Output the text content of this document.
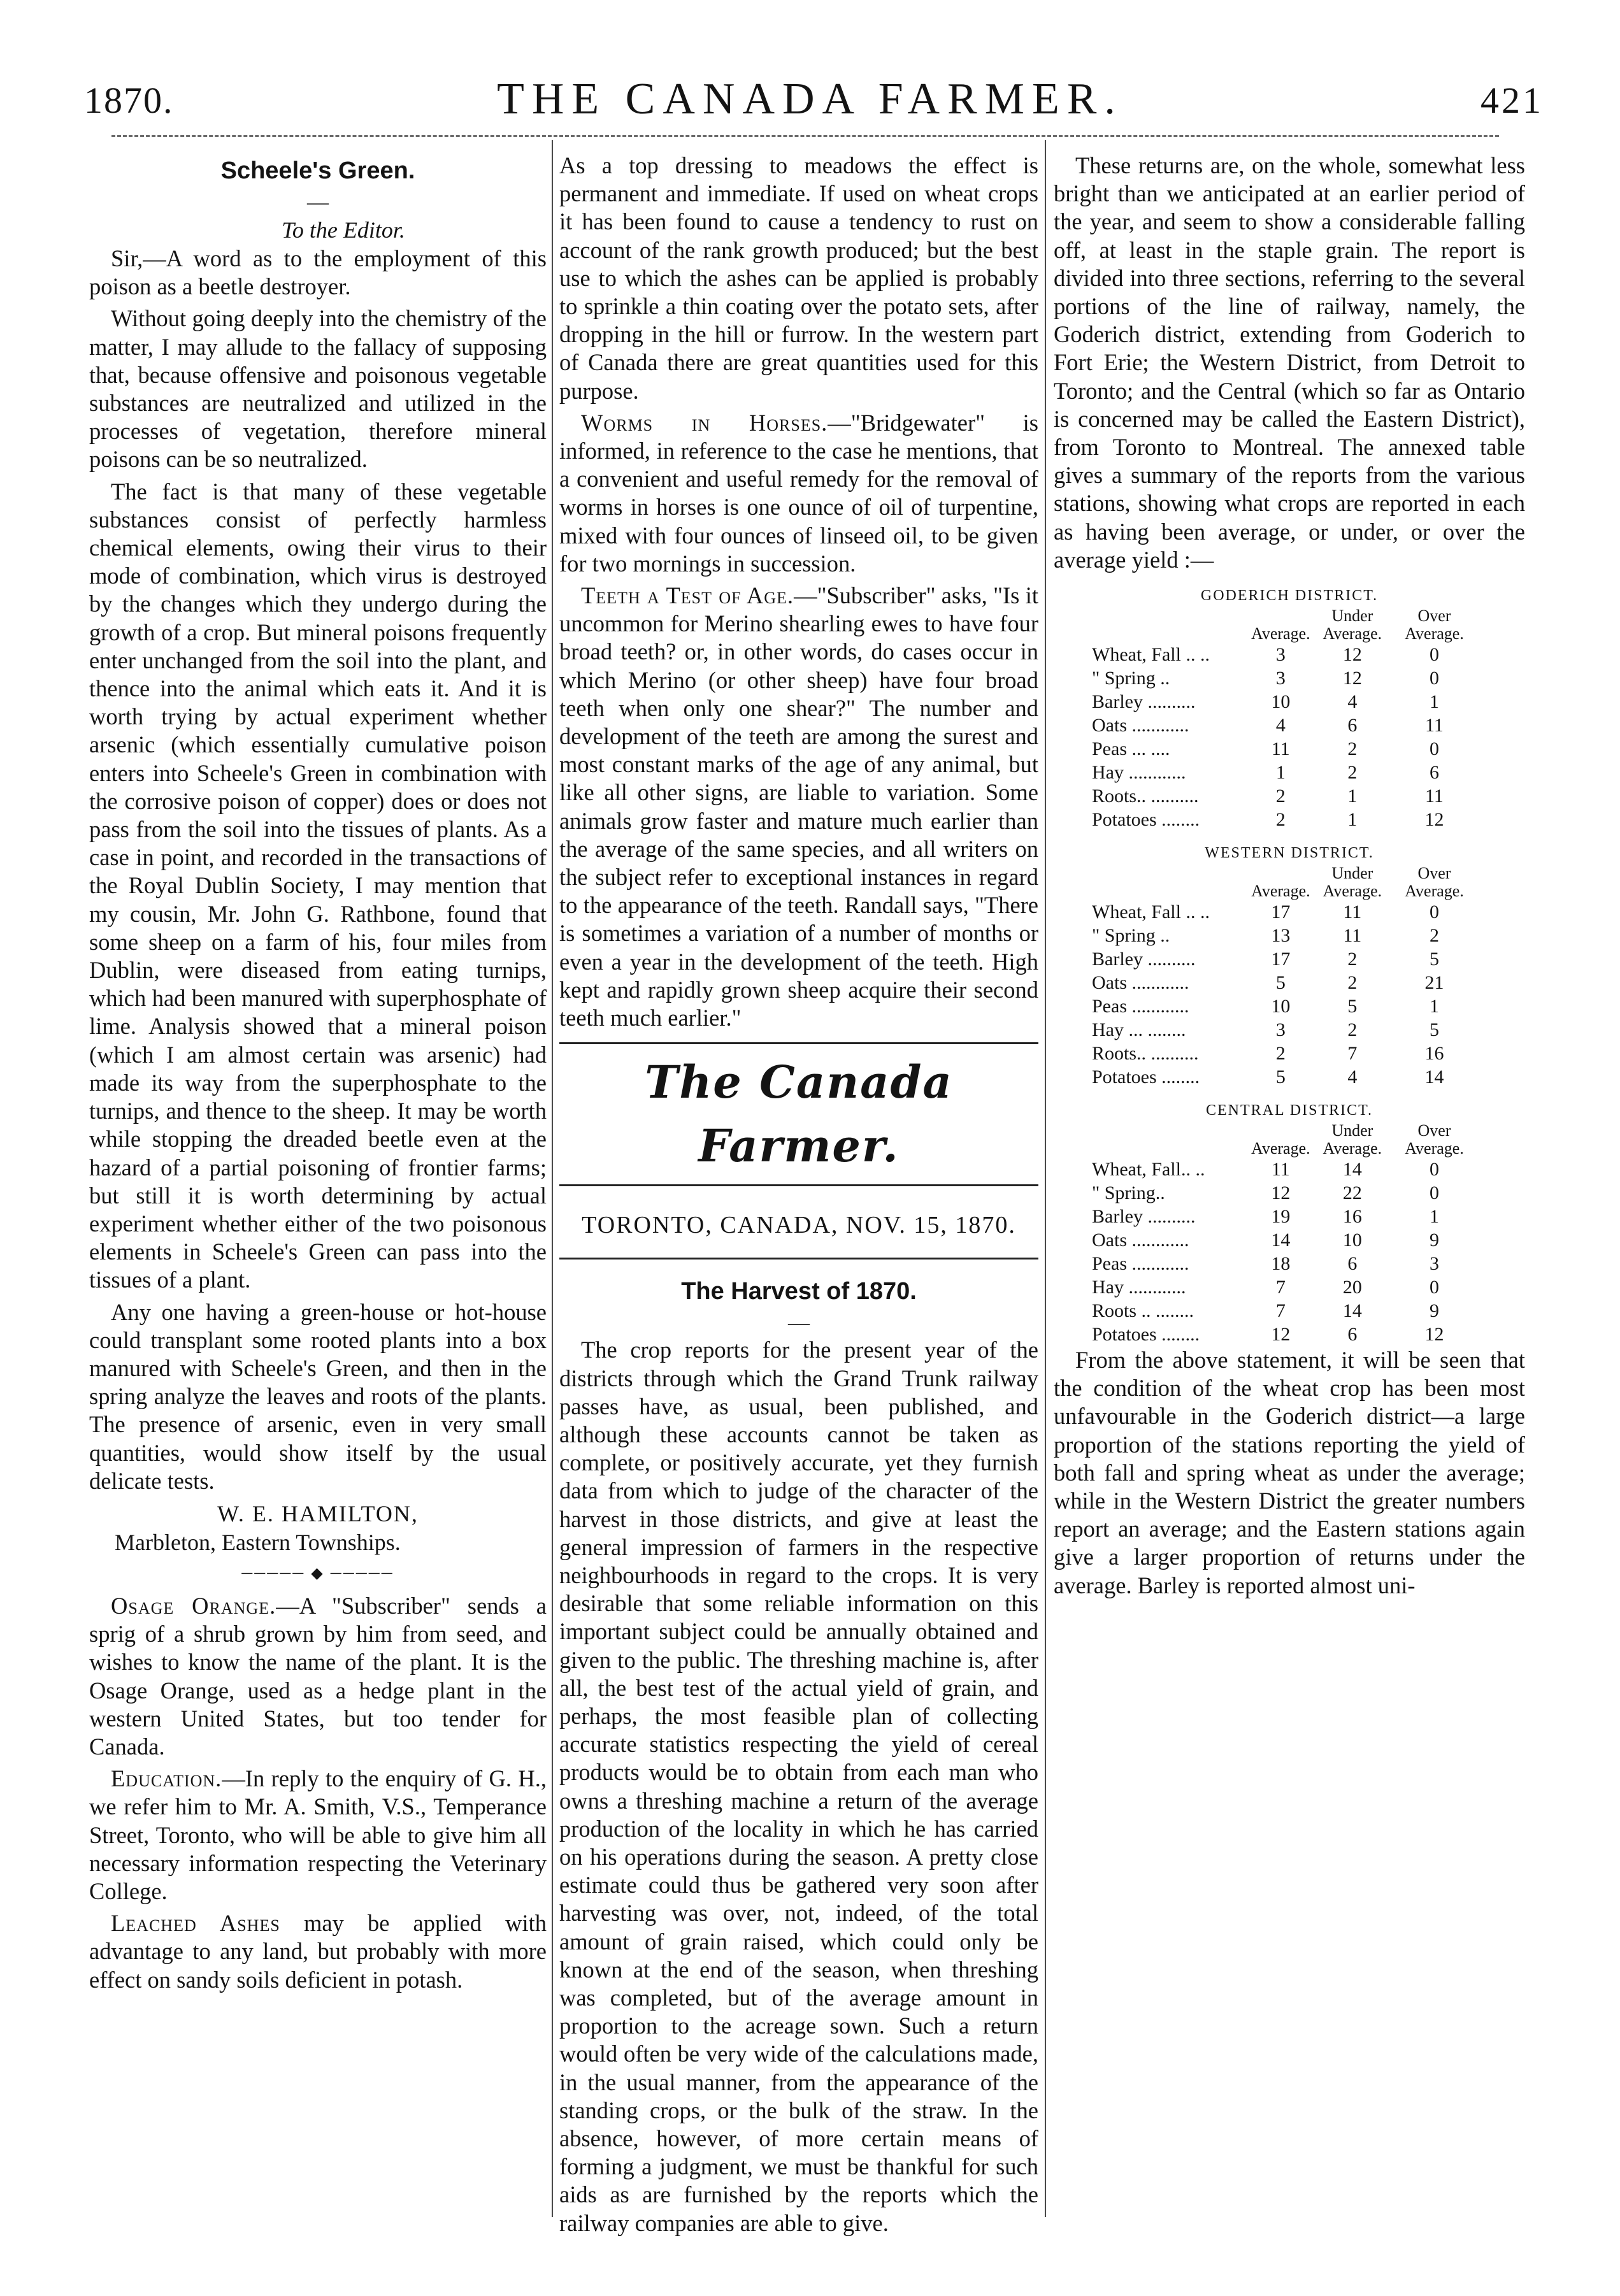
1870.	THE CANADA FARMER.	421
Scheele's Green.
—
To the Editor.

Sir,—A word as to the employment of this poison as a beetle destroyer.

Without going deeply into the chemistry of the matter, I may allude to the fallacy of supposing that, because offensive and poisonous vegetable substances are neutralized and utilized in the processes of vegetation, therefore mineral poisons can be so neutralized.

The fact is that many of these vegetable substances consist of perfectly harmless chemical elements, owing their virus to their mode of combination, which virus is destroyed by the changes which they undergo during the growth of a crop. But mineral poisons frequently enter unchanged from the soil into the plant, and thence into the animal which eats it. And it is worth trying by actual experiment whether arsenic (which essentially cumulative poison enters into Scheele's Green in combination with the corrosive poison of copper) does or does not pass from the soil into the tissues of plants. As a case in point, and recorded in the transactions of the Royal Dublin Society, I may mention that my cousin, Mr. John G. Rathbone, found that some sheep on a farm of his, four miles from Dublin, were diseased from eating turnips, which had been manured with superphosphate of lime. Analysis showed that a mineral poison (which I am almost certain was arsenic) had made its way from the superphosphate to the turnips, and thence to the sheep. It may be worth while stopping the dreaded beetle even at the hazard of a partial poisoning of frontier farms; but still it is worth determining by actual experiment whether either of the two poisonous elements in Scheele's Green can pass into the tissues of a plant.

Any one having a green-house or hot-house could transplant some rooted plants into a box manured with Scheele's Green, and then in the spring analyze the leaves and roots of the plants. The presence of arsenic, even in very small quantities, would show itself by the usual delicate tests.

W. E. HAMILTON,
Marbleton, Eastern Townships.
───── ◆ ─────

Osage Orange.—A "Subscriber" sends a sprig of a shrub grown by him from seed, and wishes to know the name of the plant. It is the Osage Orange, used as a hedge plant in the western United States, but too tender for Canada.

Education.—In reply to the enquiry of G. H., we refer him to Mr. A. Smith, V.S., Temperance Street, Toronto, who will be able to give him all necessary information respecting the Veterinary College.

Leached Ashes may be applied with advantage to any land, but probably with more effect on sandy soils deficient in potash.

As a top dressing to meadows the effect is permanent and immediate. If used on wheat crops it has been found to cause a tendency to rust on account of the rank growth produced; but the best use to which the ashes can be applied is probably to sprinkle a thin coating over the potato sets, after dropping in the hill or furrow. In the western part of Canada there are great quantities used for this purpose.

Worms in Horses.—"Bridgewater" is informed, in reference to the case he mentions, that a convenient and useful remedy for the removal of worms in horses is one ounce of oil of turpentine, mixed with four ounces of linseed oil, to be given for two mornings in succession.

Teeth a Test of Age.—"Subscriber" asks, "Is it uncommon for Merino shearling ewes to have four broad teeth? or, in other words, do cases occur in which Merino (or other sheep) have four broad teeth when only one shear?" The number and development of the teeth are among the surest and most constant marks of the age of any animal, but like all other signs, are liable to variation. Some animals grow faster and mature much earlier than the average of the same species, and all writers on the subject refer to exceptional instances in regard to the appearance of the teeth. Randall says, "There is sometimes a variation of a number of months or even a year in the development of the teeth. High kept and rapidly grown sheep acquire their second teeth much earlier."

The Canada Farmer.
TORONTO, CANADA, NOV. 15, 1870.
The Harvest of 1870.
—

The crop reports for the present year of the districts through which the Grand Trunk railway passes have, as usual, been published, and although these accounts cannot be taken as complete, or positively accurate, yet they furnish data from which to judge of the character of the harvest in those districts, and give at least the general impression of farmers in the respective neighbourhoods in regard to the crops. It is very desirable that some reliable information on this important subject could be annually obtained and given to the public. The threshing machine is, after all, the best test of the actual yield of grain, and perhaps, the most feasible plan of collecting accurate statistics respecting the yield of cereal products would be to obtain from each man who owns a threshing machine a return of the average production of the locality in which he has carried on his operations during the season. A pretty close estimate could thus be gathered very soon after harvesting was over, not, indeed, of the total amount of grain raised, which could only be known at the end of the season, when threshing was completed, but of the average amount in proportion to the acreage sown. Such a return would often be very wide of the calculations made, in the usual manner, from the appearance of the standing crops, or the bulk of the straw. In the absence, however, of more certain means of forming a judgment, we must be thankful for such aids as are furnished by the reports which the railway companies are able to give.

These returns are, on the whole, somewhat less bright than we anticipated at an earlier period of the year, and seem to show a considerable falling off, at least in the staple grain. The report is divided into three sections, referring to the several portions of the line of railway, namely, the Goderich district, extending from Goderich to Fort Erie; the Western District, from Detroit to Toronto; and the Central (which so far as Ontario is concerned may be called the Eastern District), from Toronto to Montreal. The annexed table gives a summary of the reports from the various stations, showing what crops are reported in each as having been average, or under, or over the average yield :—

GODERICH DISTRICT.
	Average.	Under Average.	Over Average.
Wheat, Fall .. ..	3	12	0
" Spring ..	3	12	0
Barley ..........	10	4	1
Oats ............	4	6	11
Peas ... ....	11	2	0
Hay ............	1	2	6
Roots.. ..........	2	1	11
Potatoes ........	2	1	12
WESTERN DISTRICT.
	Average.	Under Average.	Over Average.
Wheat, Fall .. ..	17	11	0
" Spring ..	13	11	2
Barley ..........	17	2	5
Oats ............	5	2	21
Peas ............	10	5	1
Hay ... ........	3	2	5
Roots.. ..........	2	7	16
Potatoes ........	5	4	14
CENTRAL DISTRICT.
	Average.	Under Average.	Over Average.
Wheat, Fall.. ..	11	14	0
" Spring..	12	22	0
Barley ..........	19	16	1
Oats ............	14	10	9
Peas ............	18	6	3
Hay ............	7	20	0
Roots .. ........	7	14	9
Potatoes ........	12	6	12

From the above statement, it will be seen that the condition of the wheat crop has been most unfavourable in the Goderich district—a large proportion of the stations reporting the yield of both fall and spring wheat as under the average; while in the Western District the greater numbers report an average; and the Eastern stations again give a larger proportion of returns under the average. Barley is reported almost uni-
